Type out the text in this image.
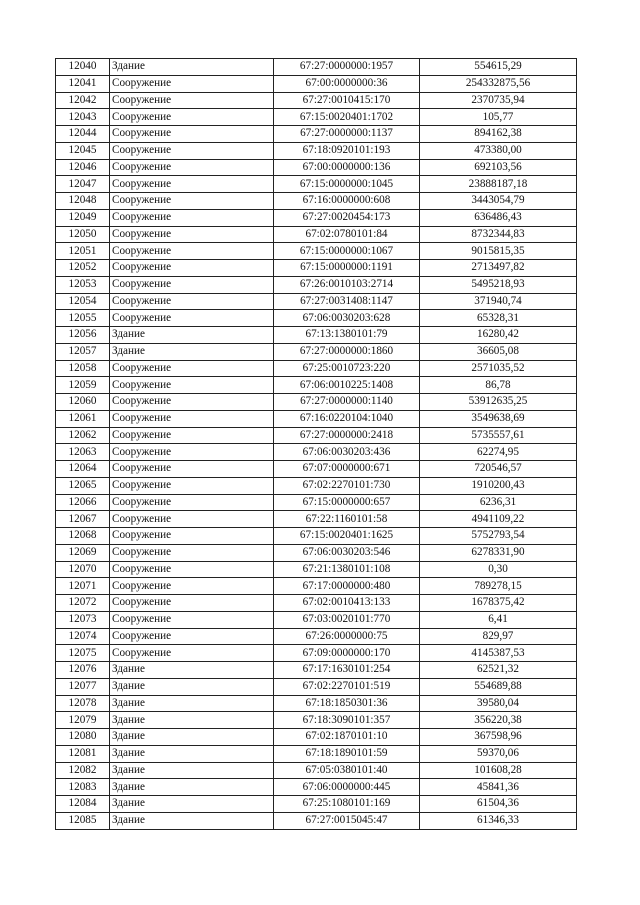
12040	Здание	67:27:0000000:1957	554615,29
12041	Сооружение	67:00:0000000:36	254332875,56
12042	Сооружение	67:27:0010415:170	2370735,94
12043	Сооружение	67:15:0020401:1702	105,77
12044	Сооружение	67:27:0000000:1137	894162,38
12045	Сооружение	67:18:0920101:193	473380,00
12046	Сооружение	67:00:0000000:136	692103,56
12047	Сооружение	67:15:0000000:1045	23888187,18
12048	Сооружение	67:16:0000000:608	3443054,79
12049	Сооружение	67:27:0020454:173	636486,43
12050	Сооружение	67:02:0780101:84	8732344,83
12051	Сооружение	67:15:0000000:1067	9015815,35
12052	Сооружение	67:15:0000000:1191	2713497,82
12053	Сооружение	67:26:0010103:2714	5495218,93
12054	Сооружение	67:27:0031408:1147	371940,74
12055	Сооружение	67:06:0030203:628	65328,31
12056	Здание	67:13:1380101:79	16280,42
12057	Здание	67:27:0000000:1860	36605,08
12058	Сооружение	67:25:0010723:220	2571035,52
12059	Сооружение	67:06:0010225:1408	86,78
12060	Сооружение	67:27:0000000:1140	53912635,25
12061	Сооружение	67:16:0220104:1040	3549638,69
12062	Сооружение	67:27:0000000:2418	5735557,61
12063	Сооружение	67:06:0030203:436	62274,95
12064	Сооружение	67:07:0000000:671	720546,57
12065	Сооружение	67:02:2270101:730	1910200,43
12066	Сооружение	67:15:0000000:657	6236,31
12067	Сооружение	67:22:1160101:58	4941109,22
12068	Сооружение	67:15:0020401:1625	5752793,54
12069	Сооружение	67:06:0030203:546	6278331,90
12070	Сооружение	67:21:1380101:108	0,30
12071	Сооружение	67:17:0000000:480	789278,15
12072	Сооружение	67:02:0010413:133	1678375,42
12073	Сооружение	67:03:0020101:770	6,41
12074	Сооружение	67:26:0000000:75	829,97
12075	Сооружение	67:09:0000000:170	4145387,53
12076	Здание	67:17:1630101:254	62521,32
12077	Здание	67:02:2270101:519	554689,88
12078	Здание	67:18:1850301:36	39580,04
12079	Здание	67:18:3090101:357	356220,38
12080	Здание	67:02:1870101:10	367598,96
12081	Здание	67:18:1890101:59	59370,06
12082	Здание	67:05:0380101:40	101608,28
12083	Здание	67:06:0000000:445	45841,36
12084	Здание	67:25:1080101:169	61504,36
12085	Здание	67:27:0015045:47	61346,33
